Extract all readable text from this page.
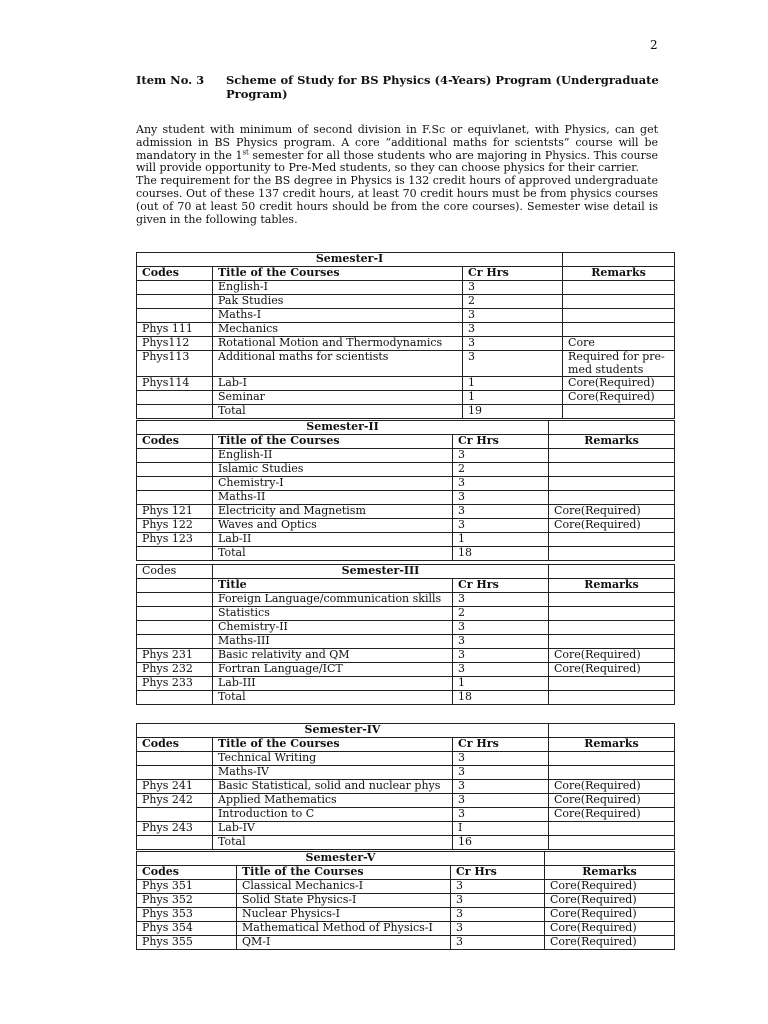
2
Item No. 3 Scheme of Study for BS Physics (4-Years) Program (Undergraduate Program)

Any student with minimum of second division in F.Sc or equivlanet, with Physics, can get admission in BS Physics program. A core “additional maths for scientsts” course will be mandatory in the 1st semester for all those students who are majoring in Physics. This course will provide opportunity to Pre-Med students, so they can choose physics for their carrier.

The requirement for the BS degree in Physics is 132 credit hours of approved undergraduate courses. Out of these 137 credit hours, at least 70 credit hours must be from physics courses (out of 70 at least 50 credit hours should be from the core courses). Semester wise detail is given in the following tables.

Semester-I			
Codes	Title of the Courses	Cr Hrs	Remarks
	English-I	3	
	Pak Studies	2	
	Maths-I	3	
Phys 111	Mechanics	3	
Phys112	Rotational Motion and Thermodynamics	3	Core
Phys113	Additional maths for scientists	3	Required for pre-med students
Phys114	Lab-I	1	Core(Required)
	Seminar	1	Core(Required)
	Total	19	
Semester-II			
Codes	Title of the Courses	Cr Hrs	Remarks
	English-II	3	
	Islamic Studies	2	
	Chemistry-I	3	
	Maths-II	3	
Phys 121	Electricity and Magnetism	3	Core(Required)
Phys 122	Waves and Optics	3	Core(Required)
Phys 123	Lab-II	1	
	Total	18	
Codes	Semester-III		
	Title	Cr Hrs	Remarks
	Foreign Language/communication skills	3	
	Statistics	2	
	Chemistry-II	3	
	Maths-III	3	
Phys 231	Basic relativity and QM	3	Core(Required)
Phys 232	Fortran Language/ICT	3	Core(Required)
Phys 233	Lab-III	1	
	Total	18	
Semester-IV			
Codes	Title of the Courses	Cr Hrs	Remarks
	Technical Writing	3	
	Maths-IV	3	
Phys 241	Basic Statistical, solid and nuclear phys	3	Core(Required)
Phys 242	Applied Mathematics	3	Core(Required)
	Introduction to C	3	Core(Required)
Phys 243	Lab-IV	I	
	Total	16	
Semester-V			
Codes	Title of the Courses	Cr Hrs	Remarks
Phys 351	Classical Mechanics-I	3	Core(Required)
Phys 352	Solid State Physics-I	3	Core(Required)
Phys 353	Nuclear Physics-I	3	Core(Required)
Phys 354	Mathematical Method of Physics-I	3	Core(Required)
Phys 355	QM-I	3	Core(Required)
